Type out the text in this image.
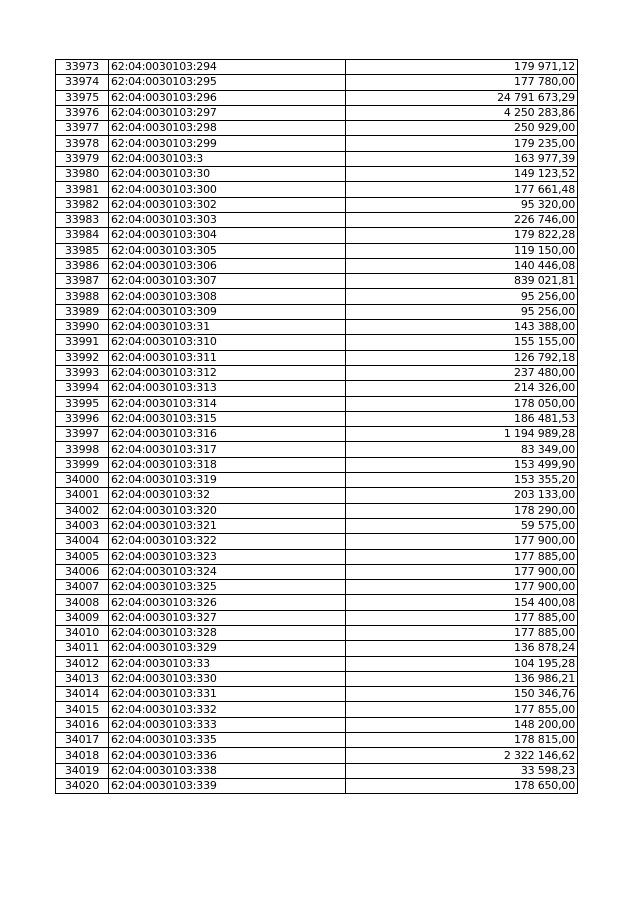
33973	62:04:0030103:294	179 971,12
33974	62:04:0030103:295	177 780,00
33975	62:04:0030103:296	24 791 673,29
33976	62:04:0030103:297	4 250 283,86
33977	62:04:0030103:298	250 929,00
33978	62:04:0030103:299	179 235,00
33979	62:04:0030103:3	163 977,39
33980	62:04:0030103:30	149 123,52
33981	62:04:0030103:300	177 661,48
33982	62:04:0030103:302	95 320,00
33983	62:04:0030103:303	226 746,00
33984	62:04:0030103:304	179 822,28
33985	62:04:0030103:305	119 150,00
33986	62:04:0030103:306	140 446,08
33987	62:04:0030103:307	839 021,81
33988	62:04:0030103:308	95 256,00
33989	62:04:0030103:309	95 256,00
33990	62:04:0030103:31	143 388,00
33991	62:04:0030103:310	155 155,00
33992	62:04:0030103:311	126 792,18
33993	62:04:0030103:312	237 480,00
33994	62:04:0030103:313	214 326,00
33995	62:04:0030103:314	178 050,00
33996	62:04:0030103:315	186 481,53
33997	62:04:0030103:316	1 194 989,28
33998	62:04:0030103:317	83 349,00
33999	62:04:0030103:318	153 499,90
34000	62:04:0030103:319	153 355,20
34001	62:04:0030103:32	203 133,00
34002	62:04:0030103:320	178 290,00
34003	62:04:0030103:321	59 575,00
34004	62:04:0030103:322	177 900,00
34005	62:04:0030103:323	177 885,00
34006	62:04:0030103:324	177 900,00
34007	62:04:0030103:325	177 900,00
34008	62:04:0030103:326	154 400,08
34009	62:04:0030103:327	177 885,00
34010	62:04:0030103:328	177 885,00
34011	62:04:0030103:329	136 878,24
34012	62:04:0030103:33	104 195,28
34013	62:04:0030103:330	136 986,21
34014	62:04:0030103:331	150 346,76
34015	62:04:0030103:332	177 855,00
34016	62:04:0030103:333	148 200,00
34017	62:04:0030103:335	178 815,00
34018	62:04:0030103:336	2 322 146,62
34019	62:04:0030103:338	33 598,23
34020	62:04:0030103:339	178 650,00
